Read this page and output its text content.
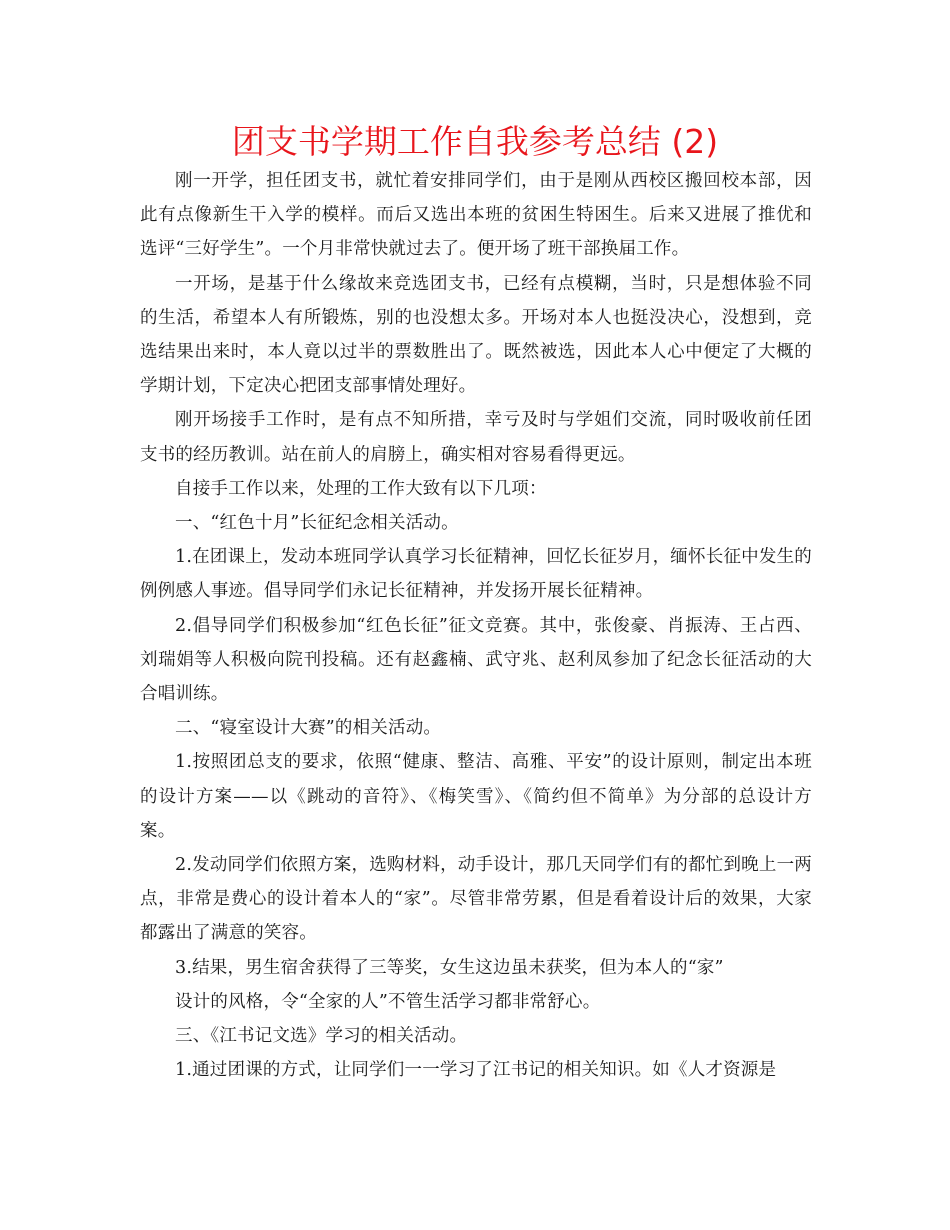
团支书学期工作自我参考总结 (2)

刚一开学，担任团支书，就忙着安排同学们，由于是刚从西校区搬回校本部，因此有点像新生干入学的模样。而后又选出本班的贫困生特困生。后来又进展了推优和选评“三好学生”。一个月非常快就过去了。便开场了班干部换届工作。

一开场，是基于什么缘故来竞选团支书，已经有点模糊，当时，只是想体验不同的生活，希望本人有所锻炼，别的也没想太多。开场对本人也挺没决心，没想到，竞选结果出来时，本人竟以过半的票数胜出了。既然被选，因此本人心中便定了大概的学期计划，下定决心把团支部事情处理好。

刚开场接手工作时，是有点不知所措，幸亏及时与学姐们交流，同时吸收前任团支书的经历教训。站在前人的肩膀上，确实相对容易看得更远。

自接手工作以来，处理的工作大致有以下几项：

一、“红色十月”长征纪念相关活动。

1.在团课上，发动本班同学认真学习长征精神，回忆长征岁月，缅怀长征中发生的例例感人事迹。倡导同学们永记长征精神，并发扬开展长征精神。

2.倡导同学们积极参加“红色长征”征文竞赛。其中，张俊豪、肖振涛、王占西、刘瑞娟等人积极向院刊投稿。还有赵鑫楠、武守兆、赵利凤参加了纪念长征活动的大合唱训练。

二、“寝室设计大赛”的相关活动。

1.按照团总支的要求，依照“健康、整洁、高雅、平安”的设计原则，制定出本班的设计方案——以《跳动的音符》、《梅笑雪》、《简约但不简单》为分部的总设计方案。

2.发动同学们依照方案，选购材料，动手设计，那几天同学们有的都忙到晚上一两点，非常是费心的设计着本人的“家”。尽管非常劳累，但是看着设计后的效果，大家都露出了满意的笑容。

3.结果，男生宿舍获得了三等奖，女生这边虽未获奖，但为本人的“家”

设计的风格，令“全家的人”不管生活学习都非常舒心。

三、《江书记文选》学习的相关活动。

1.通过团课的方式，让同学们一一学习了江书记的相关知识。如《人才资源是
